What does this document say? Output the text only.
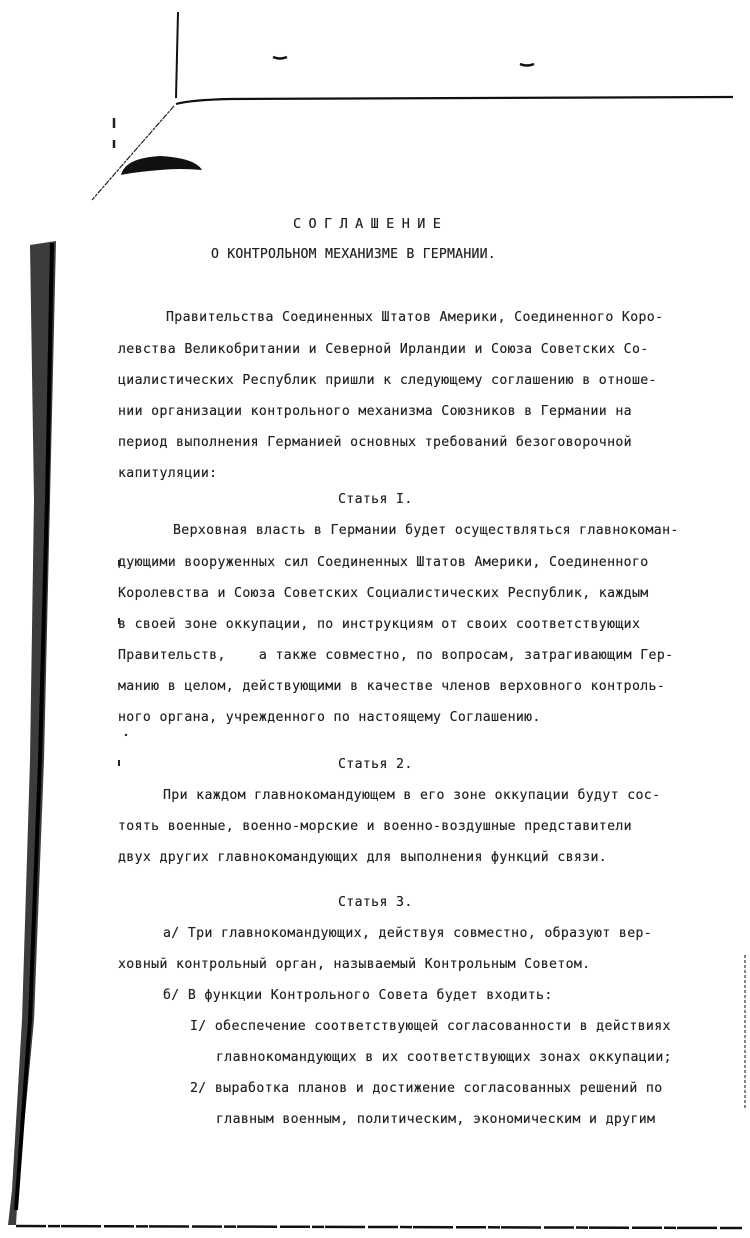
СОГЛАШЕНИЕ
О КОНТРОЛЬНОМ МЕХАНИЗМЕ В ГЕРМАНИИ.
Правительства Соединенных Штатов Америки, Соединенного Коро-
левства Великобритании и Северной Ирландии и Союза Советских Со-
циалистических Республик пришли к следующему соглашению в отноше-
нии организации контрольного механизма Союзников в Германии на
период выполнения Германией основных требований безоговорочной
капитуляции:
Статья I.
Верховная власть в Германии будет осуществляться главнокоман-
дующими вооруженных сил Соединенных Штатов Америки, Соединенного
Королевства и Союза Советских Социалистических Республик, каждым
в своей зоне оккупации, по инструкциям от своих соответствующих
Правительств,    а также совместно, по вопросам, затрагивающим Гер-
манию в целом, действующими в качестве членов верховного контроль-
ного органа, учрежденного по настоящему Соглашению.
Статья 2.
При каждом главнокомандующем в его зоне оккупации будут сос-
тоять военные, военно-морские и военно-воздушные представители
двух других главнокомандующих для выполнения функций связи.
Статья 3.
а/ Три главнокомандующих, действуя совместно, образуют вер-
ховный контрольный орган, называемый Контрольным Советом.
б/ В функции Контрольного Совета будет входить:
I/ обеспечение соответствующей согласованности в действиях
главнокомандующих в их соответствующих зонах оккупации;
2/ выработка планов и достижение согласованных решений по
главным военным, политическим, экономическим и другим
